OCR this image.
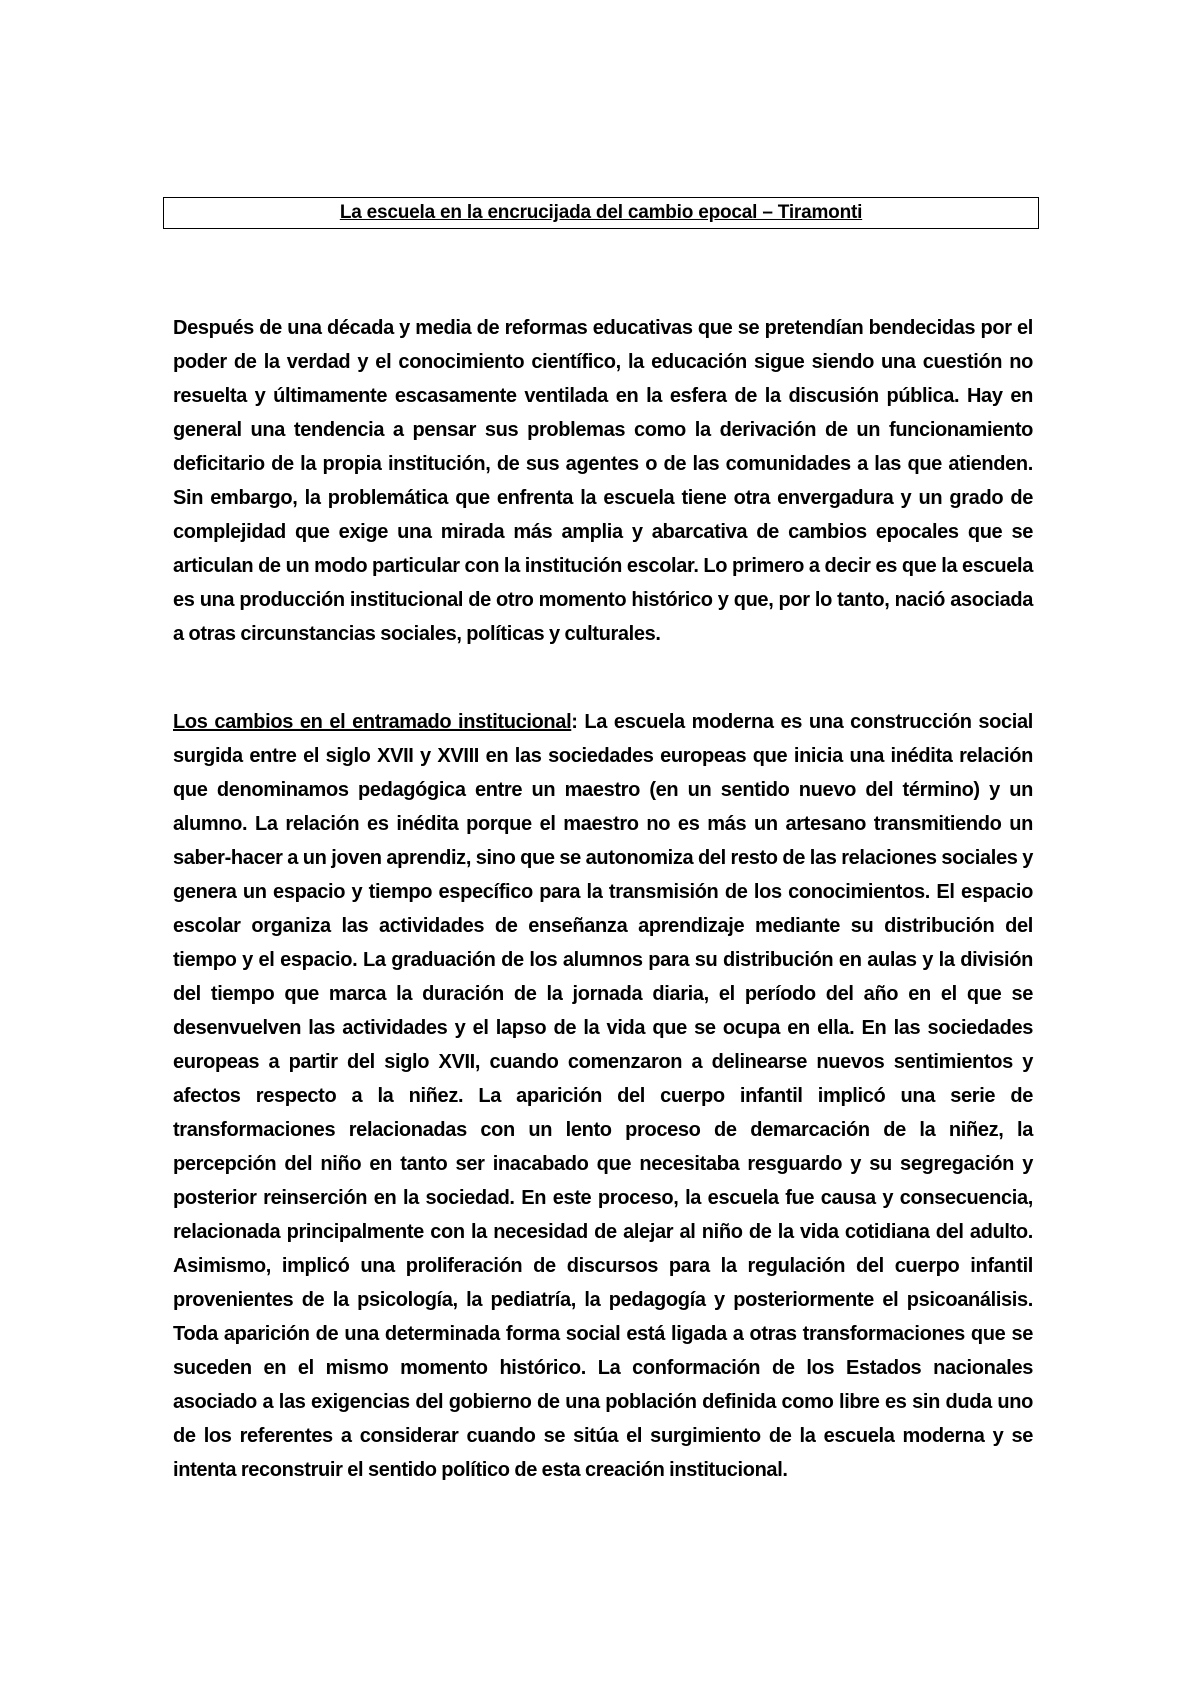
La escuela en la encrucijada del cambio epocal – Tiramonti

Después de una década y media de reformas educativas que se pretendían bendecidas por el poder de la verdad y el conocimiento científico, la educación sigue siendo una cuestión no resuelta y últimamente escasamente ventilada en la esfera de la discusión pública. Hay en general una tendencia a pensar sus problemas como la derivación de un funcionamiento deficitario de la propia institución, de sus agentes o de las comunidades a las que atienden. Sin embargo, la problemática que enfrenta la escuela tiene otra envergadura y un grado de complejidad que exige una mirada más amplia y abarcativa de cambios epocales que se articulan de un modo particular con la institución escolar. Lo primero a decir es que la escuela es una producción institucional de otro momento histórico y que, por lo tanto, nació asociada a otras circunstancias sociales, políticas y culturales.

Los cambios en el entramado institucional: La escuela moderna es una construcción social surgida entre el siglo XVII y XVIII en las sociedades europeas que inicia una inédita relación que denominamos pedagógica entre un maestro (en un sentido nuevo del término) y un alumno. La relación es inédita porque el maestro no es más un artesano transmitiendo un saber-hacer a un joven aprendiz, sino que se autonomiza del resto de las relaciones sociales y genera un espacio y tiempo específico para la transmisión de los conocimientos. El espacio escolar organiza las actividades de enseñanza aprendizaje mediante su distribución del tiempo y el espacio. La graduación de los alumnos para su distribución en aulas y la división del tiempo que marca la duración de la jornada diaria, el período del año en el que se desenvuelven las actividades y el lapso de la vida que se ocupa en ella. En las sociedades europeas a partir del siglo XVII, cuando comenzaron a delinearse nuevos sentimientos y afectos respecto a la niñez. La aparición del cuerpo infantil implicó una serie de transformaciones relacionadas con un lento proceso de demarcación de la niñez, la percepción del niño en tanto ser inacabado que necesitaba resguardo y su segregación y posterior reinserción en la sociedad. En este proceso, la escuela fue causa y consecuencia, relacionada principalmente con la necesidad de alejar al niño de la vida cotidiana del adulto. Asimismo, implicó una proliferación de discursos para la regulación del cuerpo infantil provenientes de la psicología, la pediatría, la pedagogía y posteriormente el psicoanálisis. Toda aparición de una determinada forma social está ligada a otras transformaciones que se suceden en el mismo momento histórico. La conformación de los Estados nacionales asociado a las exigencias del gobierno de una población definida como libre es sin duda uno de los referentes a considerar cuando se sitúa el surgimiento de la escuela moderna y se intenta reconstruir el sentido político de esta creación institucional.
